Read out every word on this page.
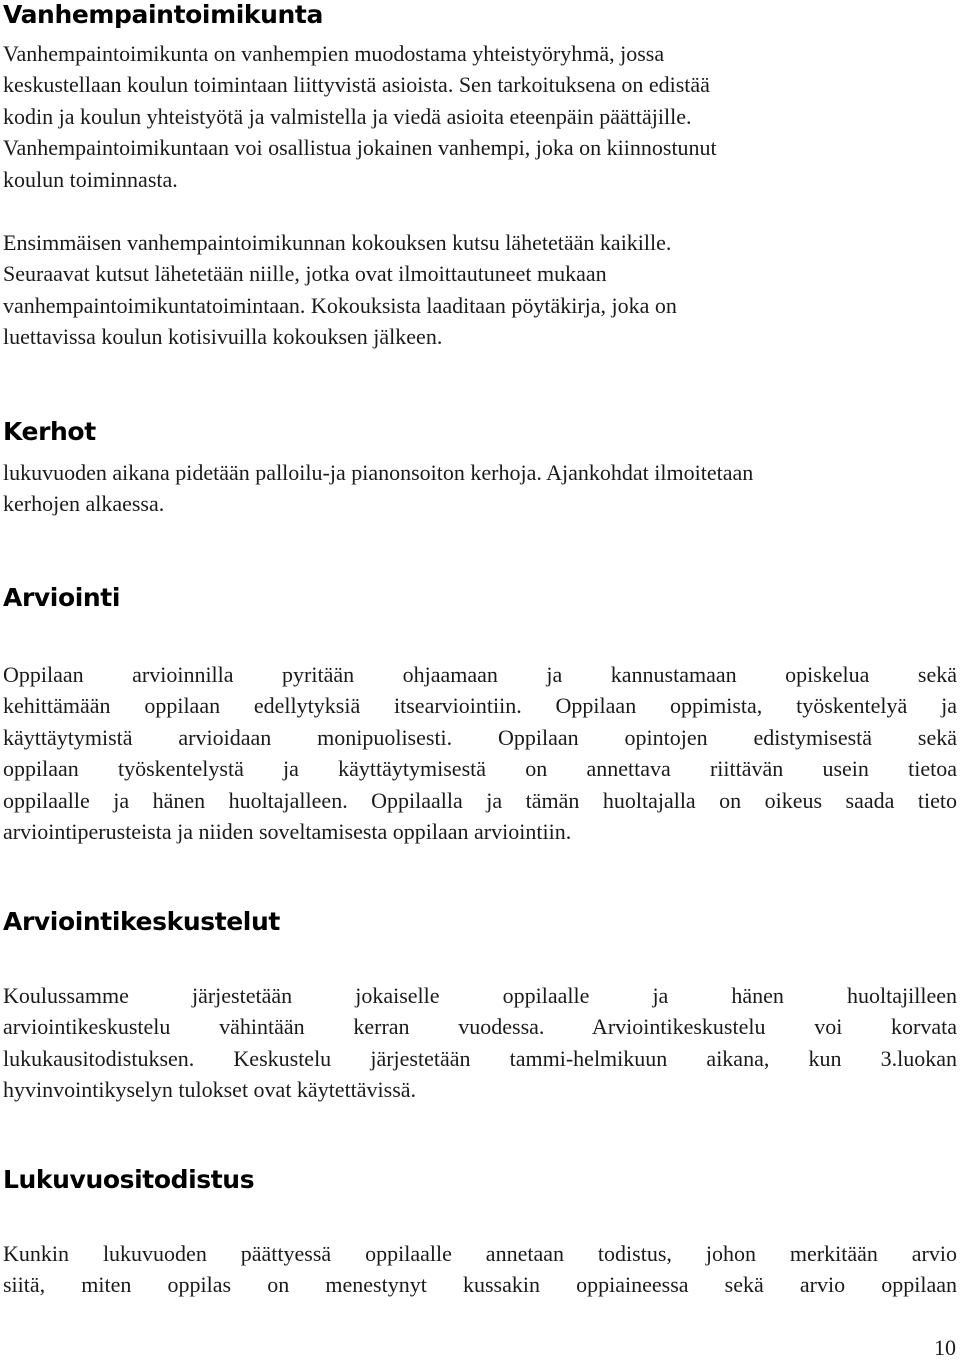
Vanhempaintoimikunta

Vanhempaintoimikunta on vanhempien muodostama yhteistyöryhmä, jossa
keskustellaan koulun toimintaan liittyvistä asioista. Sen tarkoituksena on edistää
kodin ja koulun yhteistyötä ja valmistella ja viedä asioita eteenpäin päättäjille.
Vanhempaintoimikuntaan voi osallistua jokainen vanhempi, joka on kiinnostunut
koulun toiminnasta.

Ensimmäisen vanhempaintoimikunnan kokouksen kutsu lähetetään kaikille.
Seuraavat kutsut lähetetään niille, jotka ovat ilmoittautuneet mukaan
vanhempaintoimikuntatoimintaan. Kokouksista laaditaan pöytäkirja, joka on
luettavissa koulun kotisivuilla kokouksen jälkeen.

Kerhot

lukuvuoden aikana pidetään palloilu-ja pianonsoiton kerhoja. Ajankohdat ilmoitetaan
kerhojen alkaessa.

Arviointi

Oppilaan arvioinnilla pyritään ohjaamaan ja kannustamaan opiskelua sekä
kehittämään oppilaan edellytyksiä itsearviointiin. Oppilaan oppimista, työskentelyä ja
käyttäytymistä arvioidaan monipuolisesti. Oppilaan opintojen edistymisestä sekä
oppilaan työskentelystä ja käyttäytymisestä on annettava riittävän usein tietoa
oppilaalle ja hänen huoltajalleen. Oppilaalla ja tämän huoltajalla on oikeus saada tieto
arviointiperusteista ja niiden soveltamisesta oppilaan arviointiin.

Arviointikeskustelut

Koulussamme järjestetään jokaiselle oppilaalle ja hänen huoltajilleen
arviointikeskustelu vähintään kerran vuodessa. Arviointikeskustelu voi korvata
lukukausitodistuksen. Keskustelu järjestetään tammi-helmikuun aikana, kun 3.luokan
hyvinvointikyselyn tulokset ovat käytettävissä.

Lukuvuositodistus

Kunkin lukuvuoden päättyessä oppilaalle annetaan todistus, johon merkitään arvio
siitä, miten oppilas on menestynyt kussakin oppiaineessa sekä arvio oppilaan

10
